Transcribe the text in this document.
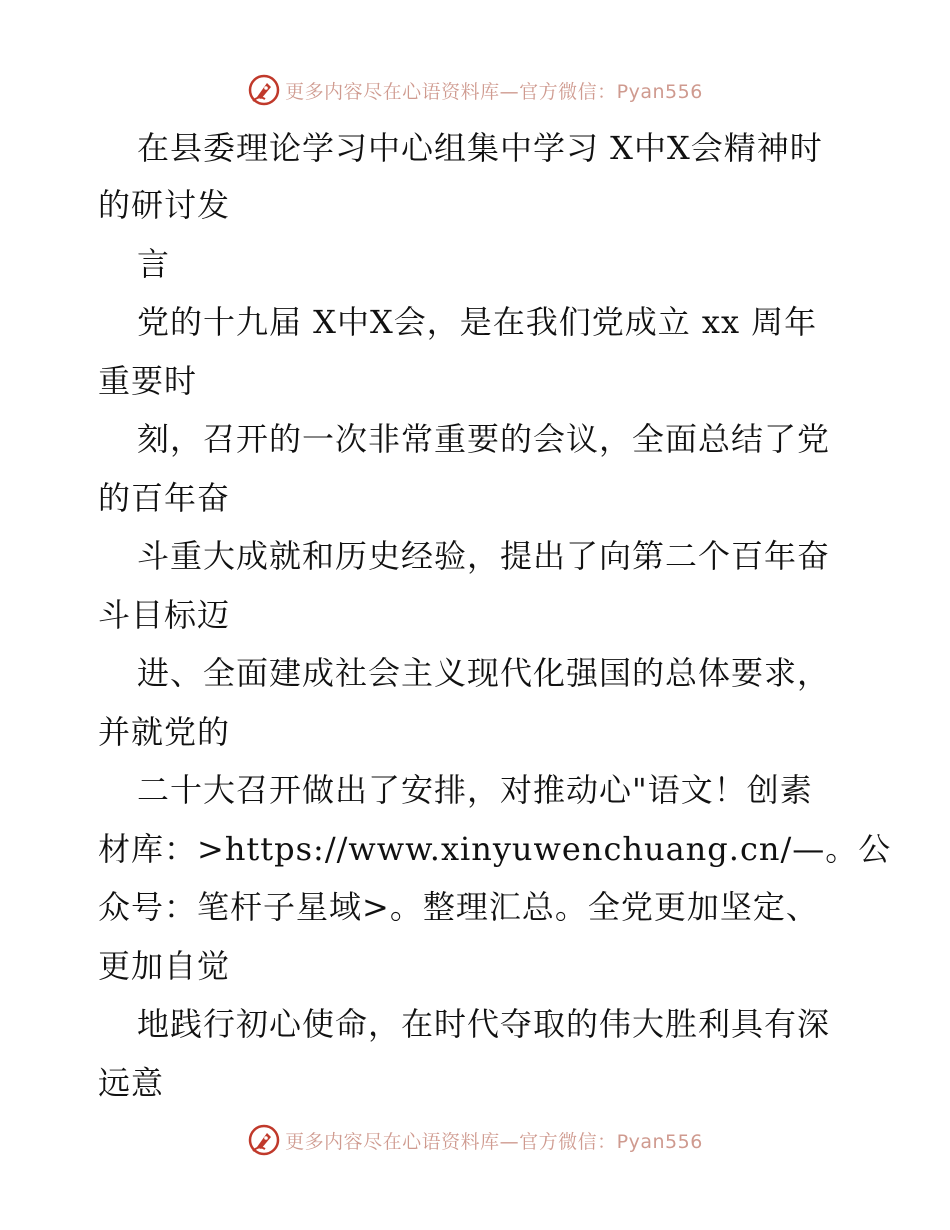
更多内容尽在心语资料库—官方微信：Pyan556
在县委理论学习中心组集中学习 X中X会精神时
的研讨发
言
党的十九届 X中X会，是在我们党成立 xx 周年
重要时
刻，召开的一次非常重要的会议，全面总结了党
的百年奋
斗重大成就和历史经验，提出了向第二个百年奋
斗目标迈
进、全面建成社会主义现代化强国的总体要求，
并就党的
二十大召开做出了安排，对推动心"语文！创素
材库：>https://www.xinyuwenchuang.cn/—。公
众号：笔杆子星域>。整理汇总。全党更加坚定、
更加自觉
地践行初心使命，在时代夺取的伟大胜利具有深
远意
更多内容尽在心语资料库—官方微信：Pyan556
